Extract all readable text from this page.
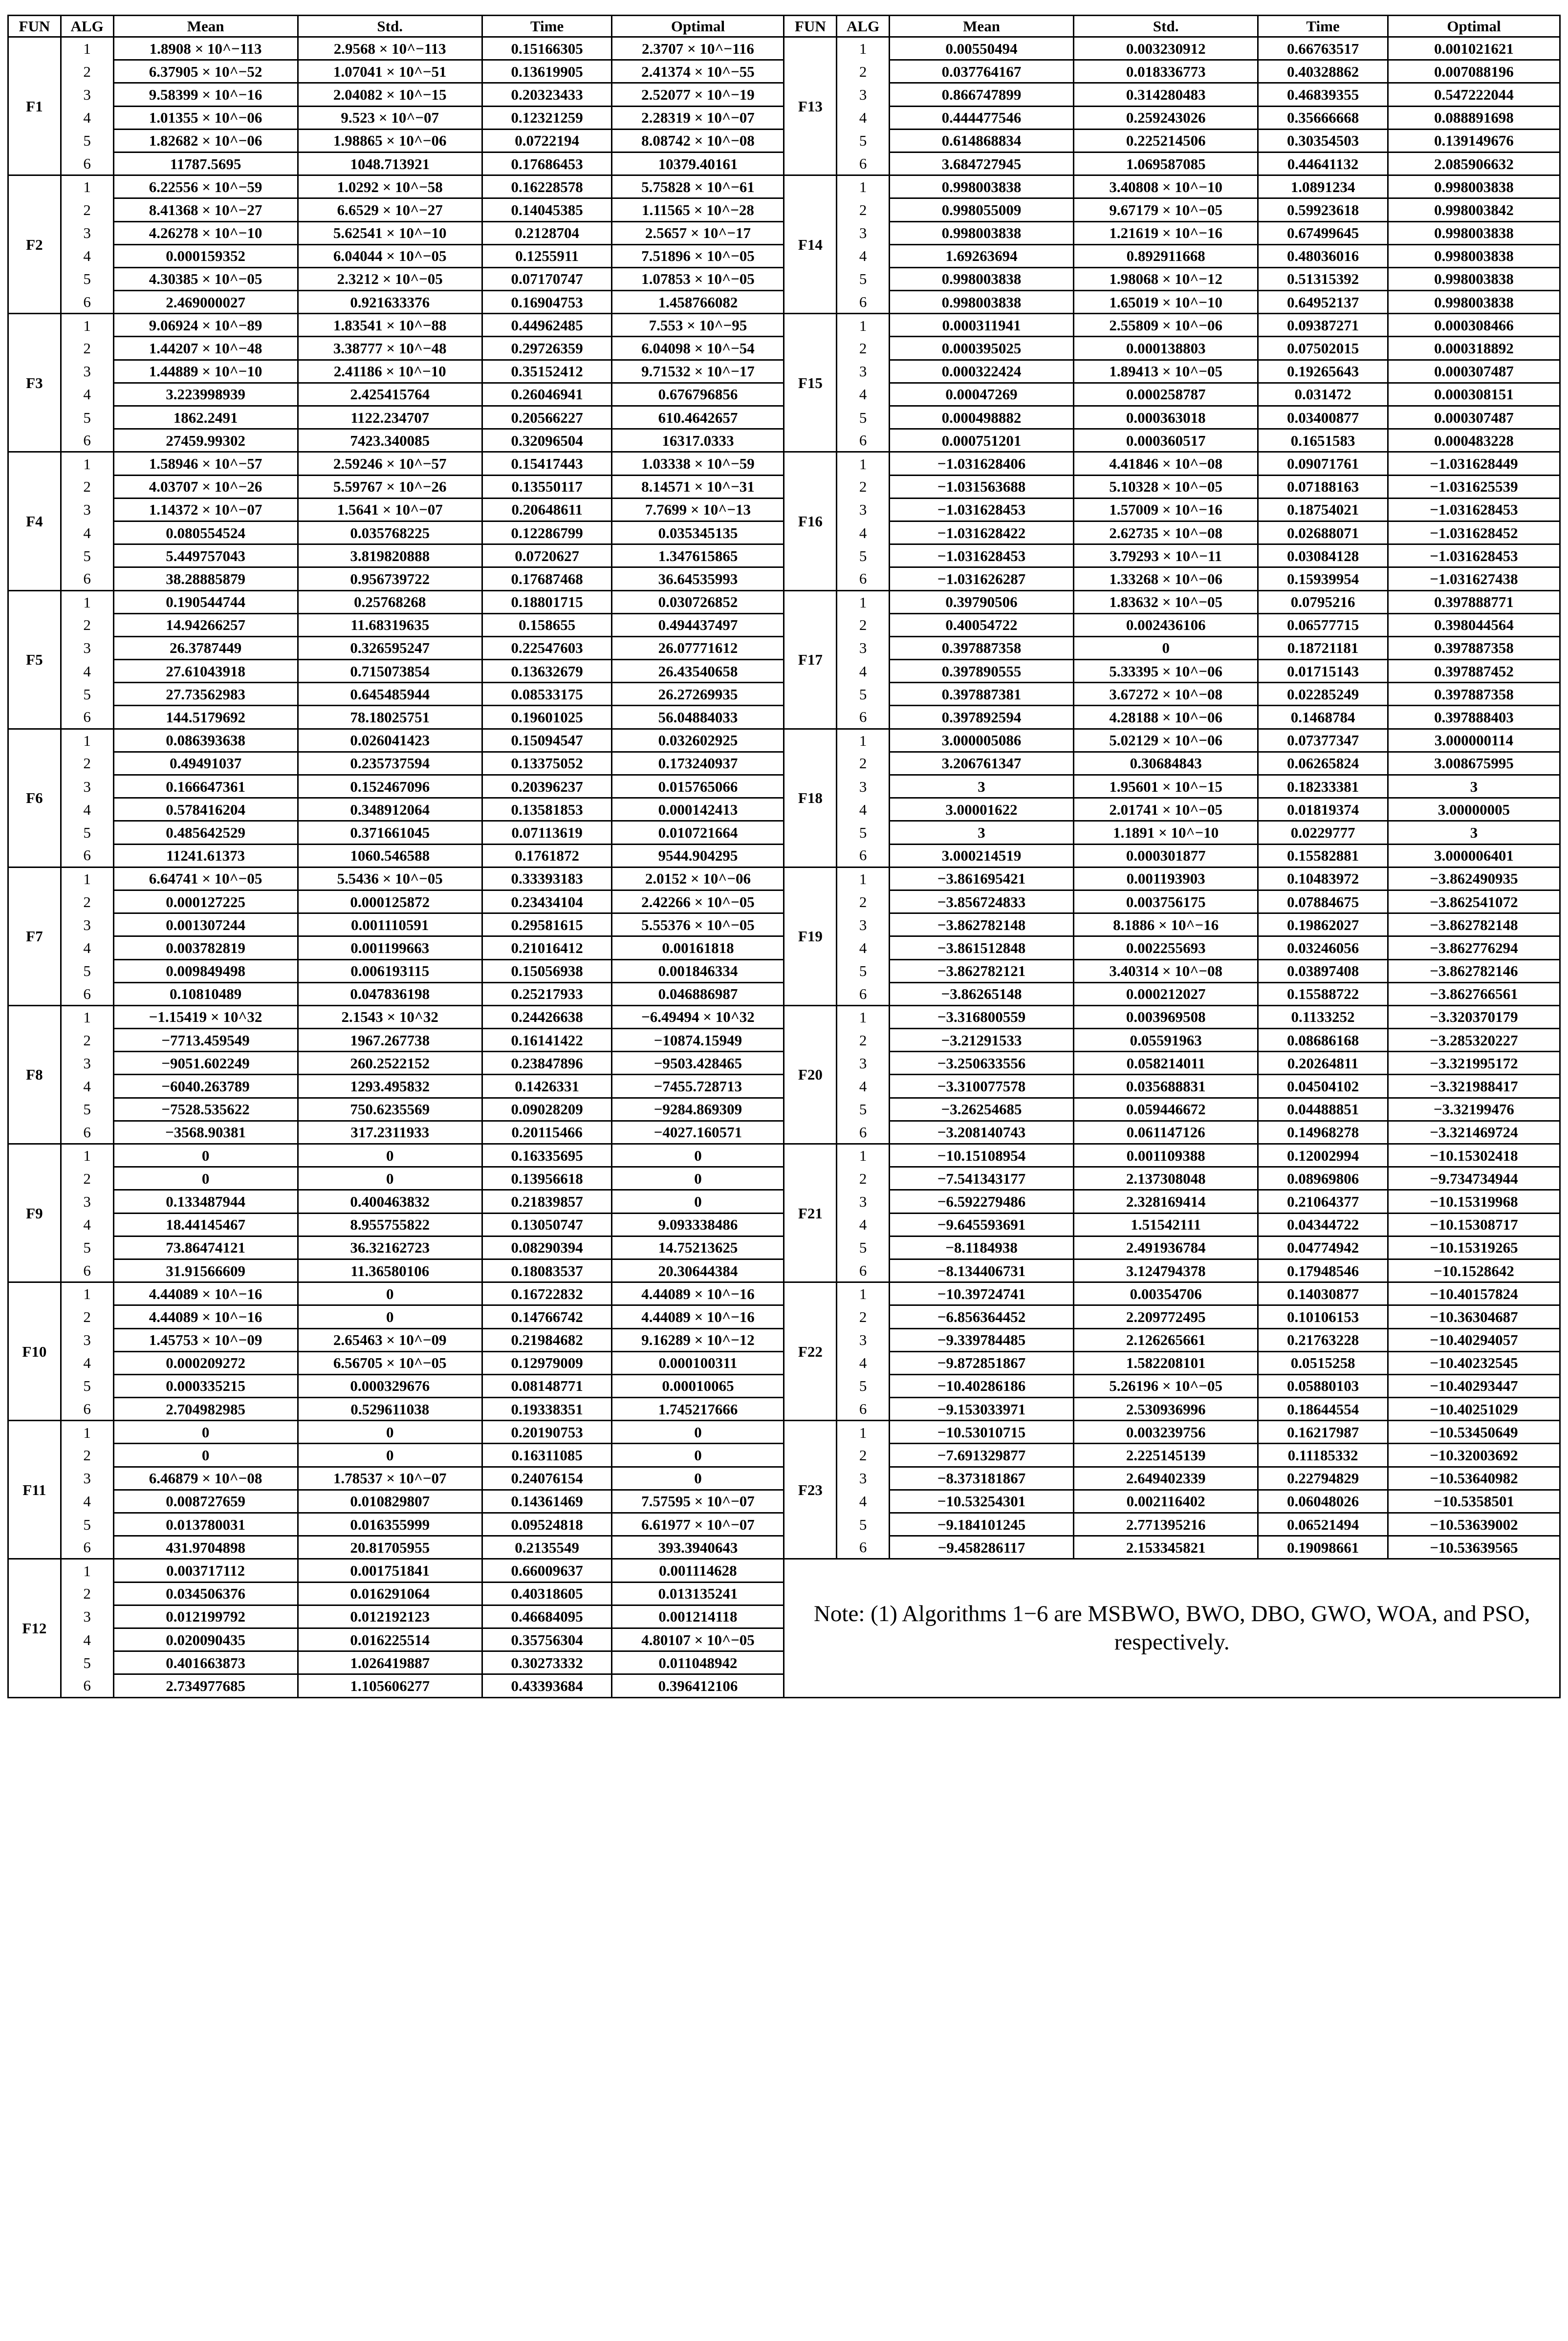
FUN	ALG	Mean	Std.	Time	Optimal	FUN	ALG	Mean	Std.	Time	Optimal
F1	1	1.8908 × 10^−113	2.9568 × 10^−113	0.15166305	2.3707 × 10^−116	F13	1	0.00550494	0.003230912	0.66763517	0.001021621
	2	6.37905 × 10^−52	1.07041 × 10^−51	0.13619905	2.41374 × 10^−55		2	0.037764167	0.018336773	0.40328862	0.007088196
	3	9.58399 × 10^−16	2.04082 × 10^−15	0.20323433	2.52077 × 10^−19		3	0.866747899	0.314280483	0.46839355	0.547222044
	4	1.01355 × 10^−06	9.523 × 10^−07	0.12321259	2.28319 × 10^−07		4	0.444477546	0.259243026	0.35666668	0.088891698
	5	1.82682 × 10^−06	1.98865 × 10^−06	0.0722194	8.08742 × 10^−08		5	0.614868834	0.225214506	0.30354503	0.139149676
	6	11787.5695	1048.713921	0.17686453	10379.40161		6	3.684727945	1.069587085	0.44641132	2.085906632
F2	1	6.22556 × 10^−59	1.0292 × 10^−58	0.16228578	5.75828 × 10^−61	F14	1	0.998003838	3.40808 × 10^−10	1.0891234	0.998003838
	2	8.41368 × 10^−27	6.6529 × 10^−27	0.14045385	1.11565 × 10^−28		2	0.998055009	9.67179 × 10^−05	0.59923618	0.998003842
	3	4.26278 × 10^−10	5.62541 × 10^−10	0.2128704	2.5657 × 10^−17		3	0.998003838	1.21619 × 10^−16	0.67499645	0.998003838
	4	0.000159352	6.04044 × 10^−05	0.1255911	7.51896 × 10^−05		4	1.69263694	0.892911668	0.48036016	0.998003838
	5	4.30385 × 10^−05	2.3212 × 10^−05	0.07170747	1.07853 × 10^−05		5	0.998003838	1.98068 × 10^−12	0.51315392	0.998003838
	6	2.469000027	0.921633376	0.16904753	1.458766082		6	0.998003838	1.65019 × 10^−10	0.64952137	0.998003838
F3	1	9.06924 × 10^−89	1.83541 × 10^−88	0.44962485	7.553 × 10^−95	F15	1	0.000311941	2.55809 × 10^−06	0.09387271	0.000308466
	2	1.44207 × 10^−48	3.38777 × 10^−48	0.29726359	6.04098 × 10^−54		2	0.000395025	0.000138803	0.07502015	0.000318892
	3	1.44889 × 10^−10	2.41186 × 10^−10	0.35152412	9.71532 × 10^−17		3	0.000322424	1.89413 × 10^−05	0.19265643	0.000307487
	4	3.223998939	2.425415764	0.26046941	0.676796856		4	0.00047269	0.000258787	0.031472	0.000308151
	5	1862.2491	1122.234707	0.20566227	610.4642657		5	0.000498882	0.000363018	0.03400877	0.000307487
	6	27459.99302	7423.340085	0.32096504	16317.0333		6	0.000751201	0.000360517	0.1651583	0.000483228
F4	1	1.58946 × 10^−57	2.59246 × 10^−57	0.15417443	1.03338 × 10^−59	F16	1	−1.031628406	4.41846 × 10^−08	0.09071761	−1.031628449
	2	4.03707 × 10^−26	5.59767 × 10^−26	0.13550117	8.14571 × 10^−31		2	−1.031563688	5.10328 × 10^−05	0.07188163	−1.031625539
	3	1.14372 × 10^−07	1.5641 × 10^−07	0.20648611	7.7699 × 10^−13		3	−1.031628453	1.57009 × 10^−16	0.18754021	−1.031628453
	4	0.080554524	0.035768225	0.12286799	0.035345135		4	−1.031628422	2.62735 × 10^−08	0.02688071	−1.031628452
	5	5.449757043	3.819820888	0.0720627	1.347615865		5	−1.031628453	3.79293 × 10^−11	0.03084128	−1.031628453
	6	38.28885879	0.956739722	0.17687468	36.64535993		6	−1.031626287	1.33268 × 10^−06	0.15939954	−1.031627438
F5	1	0.190544744	0.25768268	0.18801715	0.030726852	F17	1	0.39790506	1.83632 × 10^−05	0.0795216	0.397888771
	2	14.94266257	11.68319635	0.158655	0.494437497		2	0.40054722	0.002436106	0.06577715	0.398044564
	3	26.3787449	0.326595247	0.22547603	26.07771612		3	0.397887358	0	0.18721181	0.397887358
	4	27.61043918	0.715073854	0.13632679	26.43540658		4	0.397890555	5.33395 × 10^−06	0.01715143	0.397887452
	5	27.73562983	0.645485944	0.08533175	26.27269935		5	0.397887381	3.67272 × 10^−08	0.02285249	0.397887358
	6	144.5179692	78.18025751	0.19601025	56.04884033		6	0.397892594	4.28188 × 10^−06	0.1468784	0.397888403
F6	1	0.086393638	0.026041423	0.15094547	0.032602925	F18	1	3.000005086	5.02129 × 10^−06	0.07377347	3.000000114
	2	0.49491037	0.235737594	0.13375052	0.173240937		2	3.206761347	0.30684843	0.06265824	3.008675995
	3	0.166647361	0.152467096	0.20396237	0.015765066		3	3	1.95601 × 10^−15	0.18233381	3
	4	0.578416204	0.348912064	0.13581853	0.000142413		4	3.00001622	2.01741 × 10^−05	0.01819374	3.00000005
	5	0.485642529	0.371661045	0.07113619	0.010721664		5	3	1.1891 × 10^−10	0.0229777	3
	6	11241.61373	1060.546588	0.1761872	9544.904295		6	3.000214519	0.000301877	0.15582881	3.000006401
F7	1	6.64741 × 10^−05	5.5436 × 10^−05	0.33393183	2.0152 × 10^−06	F19	1	−3.861695421	0.001193903	0.10483972	−3.862490935
	2	0.000127225	0.000125872	0.23434104	2.42266 × 10^−05		2	−3.856724833	0.003756175	0.07884675	−3.862541072
	3	0.001307244	0.001110591	0.29581615	5.55376 × 10^−05		3	−3.862782148	8.1886 × 10^−16	0.19862027	−3.862782148
	4	0.003782819	0.001199663	0.21016412	0.00161818		4	−3.861512848	0.002255693	0.03246056	−3.862776294
	5	0.009849498	0.006193115	0.15056938	0.001846334		5	−3.862782121	3.40314 × 10^−08	0.03897408	−3.862782146
	6	0.10810489	0.047836198	0.25217933	0.046886987		6	−3.86265148	0.000212027	0.15588722	−3.862766561
F8	1	−1.15419 × 10^32	2.1543 × 10^32	0.24426638	−6.49494 × 10^32	F20	1	−3.316800559	0.003969508	0.1133252	−3.320370179
	2	−7713.459549	1967.267738	0.16141422	−10874.15949		2	−3.21291533	0.05591963	0.08686168	−3.285320227
	3	−9051.602249	260.2522152	0.23847896	−9503.428465		3	−3.250633556	0.058214011	0.20264811	−3.321995172
	4	−6040.263789	1293.495832	0.1426331	−7455.728713		4	−3.310077578	0.035688831	0.04504102	−3.321988417
	5	−7528.535622	750.6235569	0.09028209	−9284.869309		5	−3.26254685	0.059446672	0.04488851	−3.32199476
	6	−3568.90381	317.2311933	0.20115466	−4027.160571		6	−3.208140743	0.061147126	0.14968278	−3.321469724
F9	1	0	0	0.16335695	0	F21	1	−10.15108954	0.001109388	0.12002994	−10.15302418
	2	0	0	0.13956618	0		2	−7.541343177	2.137308048	0.08969806	−9.734734944
	3	0.133487944	0.400463832	0.21839857	0		3	−6.592279486	2.328169414	0.21064377	−10.15319968
	4	18.44145467	8.955755822	0.13050747	9.093338486		4	−9.645593691	1.51542111	0.04344722	−10.15308717
	5	73.86474121	36.32162723	0.08290394	14.75213625		5	−8.1184938	2.491936784	0.04774942	−10.15319265
	6	31.91566609	11.36580106	0.18083537	20.30644384		6	−8.134406731	3.124794378	0.17948546	−10.1528642
F10	1	4.44089 × 10^−16	0	0.16722832	4.44089 × 10^−16	F22	1	−10.39724741	0.00354706	0.14030877	−10.40157824
	2	4.44089 × 10^−16	0	0.14766742	4.44089 × 10^−16		2	−6.856364452	2.209772495	0.10106153	−10.36304687
	3	1.45753 × 10^−09	2.65463 × 10^−09	0.21984682	9.16289 × 10^−12		3	−9.339784485	2.126265661	0.21763228	−10.40294057
	4	0.000209272	6.56705 × 10^−05	0.12979009	0.000100311		4	−9.872851867	1.582208101	0.0515258	−10.40232545
	5	0.000335215	0.000329676	0.08148771	0.00010065		5	−10.40286186	5.26196 × 10^−05	0.05880103	−10.40293447
	6	2.704982985	0.529611038	0.19338351	1.745217666		6	−9.153033971	2.530936996	0.18644554	−10.40251029
F11	1	0	0	0.20190753	0	F23	1	−10.53010715	0.003239756	0.16217987	−10.53450649
	2	0	0	0.16311085	0		2	−7.691329877	2.225145139	0.11185332	−10.32003692
	3	6.46879 × 10^−08	1.78537 × 10^−07	0.24076154	0		3	−8.373181867	2.649402339	0.22794829	−10.53640982
	4	0.008727659	0.010829807	0.14361469	7.57595 × 10^−07		4	−10.53254301	0.002116402	0.06048026	−10.5358501
	5	0.013780031	0.016355999	0.09524818	6.61977 × 10^−07		5	−9.184101245	2.771395216	0.06521494	−10.53639002
	6	431.9704898	20.81705955	0.2135549	393.3940643		6	−9.458286117	2.153345821	0.19098661	−10.53639565
F12	1	0.003717112	0.001751841	0.66009637	0.001114628	Note: (1) Algorithms 1−6 are MSBWO, BWO, DBO, GWO, WOA, and PSO, respectively.					

	2	0.034506376	0.016291064	0.40318605	0.013135241						
	3	0.012199792	0.012192123	0.46684095	0.001214118						
	4	0.020090435	0.016225514	0.35756304	4.80107 × 10^−05						
	5	0.401663873	1.026419887	0.30273332	0.011048942						
	6	2.734977685	1.105606277	0.43393684	0.396412106						
